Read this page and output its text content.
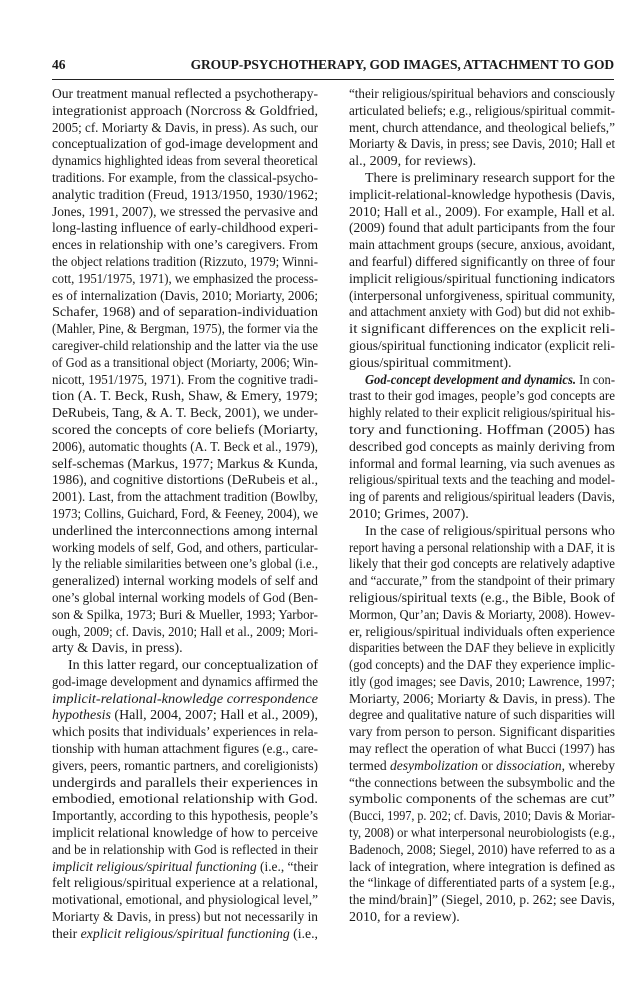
46	GROUP-PSYCHOTHERAPY, GOD IMAGES, ATTACHMENT TO GOD
Our treatment manual reflected a psychotherapy-
integrationist approach (Norcross & Goldfried,
2005; cf. Moriarty & Davis, in press). As such, our
conceptualization of god-image development and
dynamics highlighted ideas from several theoretical
traditions. For example, from the classical-psycho-
analytic tradition (Freud, 1913/1950, 1930/1962;
Jones, 1991, 2007), we stressed the pervasive and
long-lasting influence of early-childhood experi-
ences in relationship with one’s caregivers. From
the object relations tradition (Rizzuto, 1979; Winni-
cott, 1951/1975, 1971), we emphasized the process-
es of internalization (Davis, 2010; Moriarty, 2006;
Schafer, 1968) and of separation-individuation
(Mahler, Pine, & Bergman, 1975), the former via the
caregiver-child relationship and the latter via the use
of God as a transitional object (Moriarty, 2006; Win-
nicott, 1951/1975, 1971). From the cognitive tradi-
tion (A. T. Beck, Rush, Shaw, & Emery, 1979;
DeRubeis, Tang, & A. T. Beck, 2001), we under-
scored the concepts of core beliefs (Moriarty,
2006), automatic thoughts (A. T. Beck et al., 1979),
self-schemas (Markus, 1977; Markus & Kunda,
1986), and cognitive distortions (DeRubeis et al.,
2001). Last, from the attachment tradition (Bowlby,
1973; Collins, Guichard, Ford, & Feeney, 2004), we
underlined the interconnections among internal
working models of self, God, and others, particular-
ly the reliable similarities between one’s global (i.e.,
generalized) internal working models of self and
one’s global internal working models of God (Ben-
son & Spilka, 1973; Buri & Mueller, 1993; Yarbor-
ough, 2009; cf. Davis, 2010; Hall et al., 2009; Mori-
arty & Davis, in press).
In this latter regard, our conceptualization of
god-image development and dynamics affirmed the
implicit-relational-knowledge correspondence
hypothesis (Hall, 2004, 2007; Hall et al., 2009),
which posits that individuals’ experiences in rela-
tionship with human attachment figures (e.g., care-
givers, peers, romantic partners, and coreligionists)
undergirds and parallels their experiences in
embodied, emotional relationship with God.
Importantly, according to this hypothesis, people’s
implicit relational knowledge of how to perceive
and be in relationship with God is reflected in their
implicit religious/spiritual functioning (i.e., “their
felt religious/spiritual experience at a relational,
motivational, emotional, and physiological level,”
Moriarty & Davis, in press) but not necessarily in
their explicit religious/spiritual functioning (i.e.,
“their religious/spiritual behaviors and consciously
articulated beliefs; e.g., religious/spiritual commit-
ment, church attendance, and theological beliefs,”
Moriarty & Davis, in press; see Davis, 2010; Hall et
al., 2009, for reviews).
There is preliminary research support for the
implicit-relational-knowledge hypothesis (Davis,
2010; Hall et al., 2009). For example, Hall et al.
(2009) found that adult participants from the four
main attachment groups (secure, anxious, avoidant,
and fearful) differed significantly on three of four
implicit religious/spiritual functioning indicators
(interpersonal unforgiveness, spiritual community,
and attachment anxiety with God) but did not exhib-
it significant differences on the explicit reli-
gious/spiritual functioning indicator (explicit reli-
gious/spiritual commitment).
God-concept development and dynamics. In con-
trast to their god images, people’s god concepts are
highly related to their explicit religious/spiritual his-
tory and functioning. Hoffman (2005) has
described god concepts as mainly deriving from
informal and formal learning, via such avenues as
religious/spiritual texts and the teaching and model-
ing of parents and religious/spiritual leaders (Davis,
2010; Grimes, 2007).
In the case of religious/spiritual persons who
report having a personal relationship with a DAF, it is
likely that their god concepts are relatively adaptive
and “accurate,” from the standpoint of their primary
religious/spiritual texts (e.g., the Bible, Book of
Mormon, Qur’an; Davis & Moriarty, 2008). Howev-
er, religious/spiritual individuals often experience
disparities between the DAF they believe in explicitly
(god concepts) and the DAF they experience implic-
itly (god images; see Davis, 2010; Lawrence, 1997;
Moriarty, 2006; Moriarty & Davis, in press). The
degree and qualitative nature of such disparities will
vary from person to person. Significant disparities
may reflect the operation of what Bucci (1997) has
termed desymbolization or dissociation, whereby
“the connections between the subsymbolic and the
symbolic components of the schemas are cut”
(Bucci, 1997, p. 202; cf. Davis, 2010; Davis & Moriar-
ty, 2008) or what interpersonal neurobiologists (e.g.,
Badenoch, 2008; Siegel, 2010) have referred to as a
lack of integration, where integration is defined as
the “linkage of differentiated parts of a system [e.g.,
the mind/brain]” (Siegel, 2010, p. 262; see Davis,
2010, for a review).
